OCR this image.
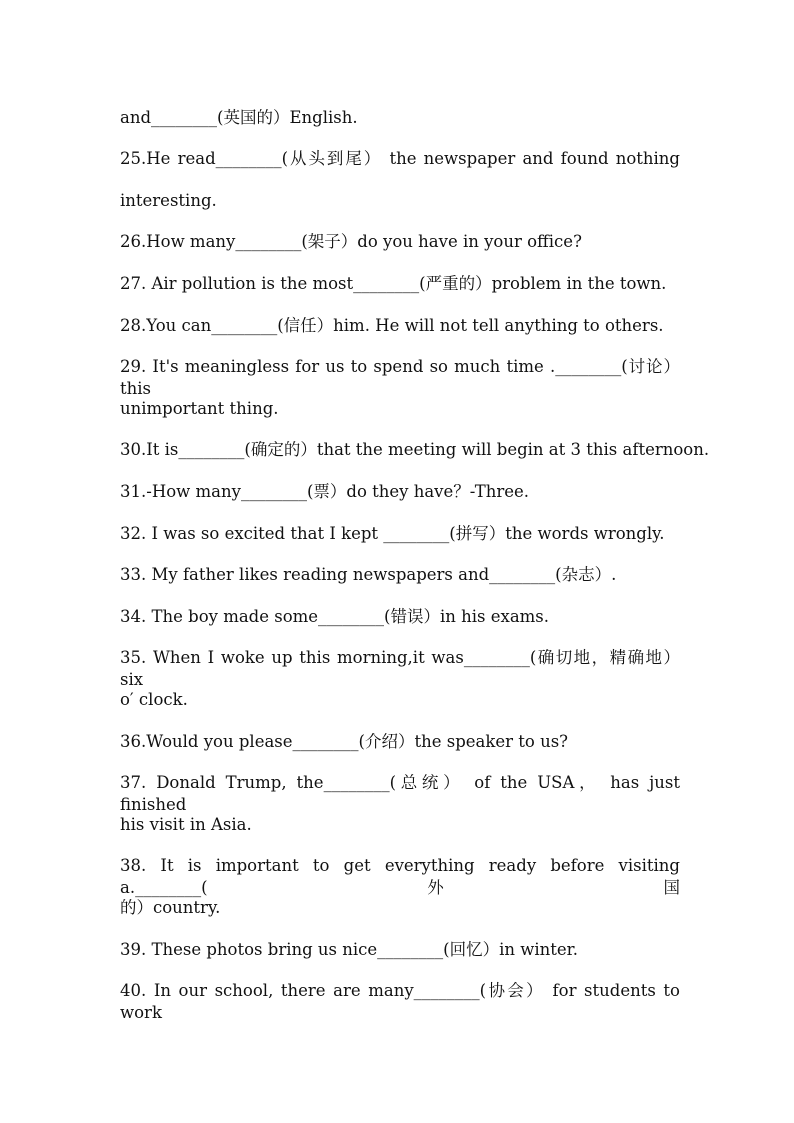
and________(英国的）English.
25.He read________(从头到尾） the newspaper and found nothing
interesting.
26.How many________(架子）do you have in your office?
27. Air pollution is the most________(严重的）problem in the town.
28.You can________(信任）him. He will not tell anything to others.
29. It's meaningless for us to spend so much time .________(讨论） this
unimportant thing.
30.It is________(确定的）that the meeting will begin at 3 this afternoon.
31.-How many________(票）do they have？-Three.
32. I was so excited that I kept ________(拼写）the words wrongly.
33. My father likes reading newspapers and________(杂志）.
34. The boy made some________(错误）in his exams.
35. When I woke up this morning,it was________(确切地，精确地） six
o′ clock.
36.Would you please________(介绍）the speaker to us?
37. Donald Trump, the________(总统） of the USA， has just finished
his visit in Asia.
38. It is important to get everything ready before visiting a.________(外国
的）country.
39. These photos bring us nice________(回忆）in winter.
40. In our school, there are many________(协会） for students to work
